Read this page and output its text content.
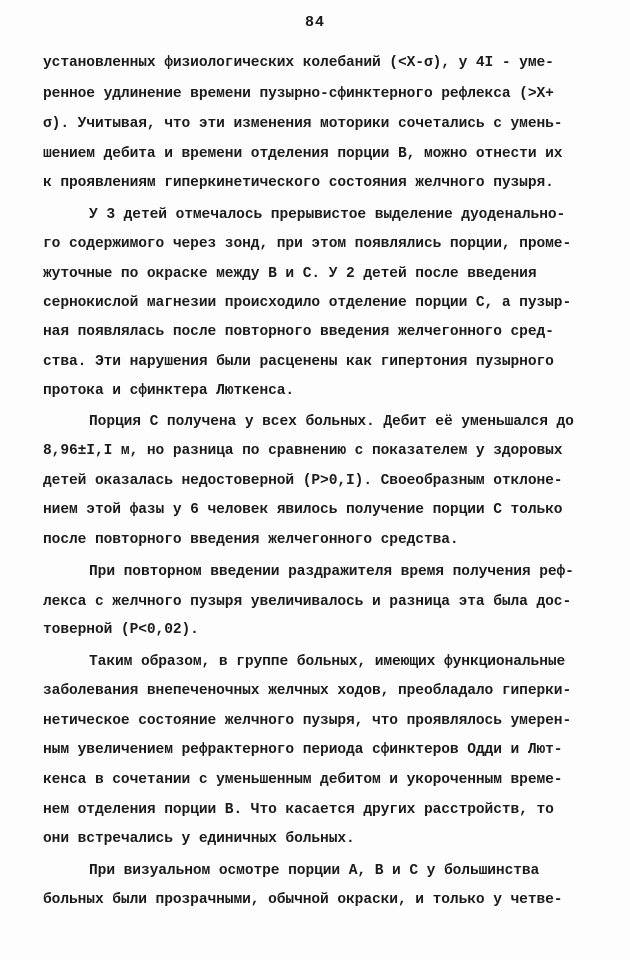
84
установленных физиологических колебаний (<X-σ), у 4I - уме-
ренное удлинение времени пузырно-сфинктерного рефлекса (>X+
σ). Учитывая, что эти изменения моторики сочетались с умень-
шением дебита и времени отделения порции В, можно отнести их
к проявлениям гиперкинетического состояния желчного пузыря.
У 3 детей отмечалось прерывистое выделение дуоденально-
го содержимого через зонд, при этом появлялись порции, проме-
жуточные по окраске между В и С. У 2 детей после введения
сернокислой магнезии происходило отделение порции С, а пузыр-
ная появлялась после повторного введения желчегонного сред-
ства. Эти нарушения были расценены как гипертония пузырного
протока и сфинктера Люткенса.
Порция С получена у всех больных. Дебит её уменьшался до
8,96±I,I м, но разница по сравнению с показателем у здоровых
детей оказалась недостоверной (Р>0,I). Своеобразным отклоне-
нием этой фазы у 6 человек явилось получение порции С только
после повторного введения желчегонного средства.
При повторном введении раздражителя время получения реф-
лекса с желчного пузыря увеличивалось и разница эта была дос-
товерной (Р<0,02).
Таким образом, в группе больных, имеющих функциональные
заболевания внепеченочных желчных ходов, преобладало гиперки-
нетическое состояние желчного пузыря, что проявлялось умерен-
ным увеличением рефрактерного периода сфинктеров Одди и Лют-
кенса в сочетании с уменьшенным дебитом и укороченным време-
нем отделения порции В. Что касается других расстройств, то
они встречались у единичных больных.
При визуальном осмотре порции А, В и С у большинства
больных были прозрачными, обычной окраски, и только у четве-
